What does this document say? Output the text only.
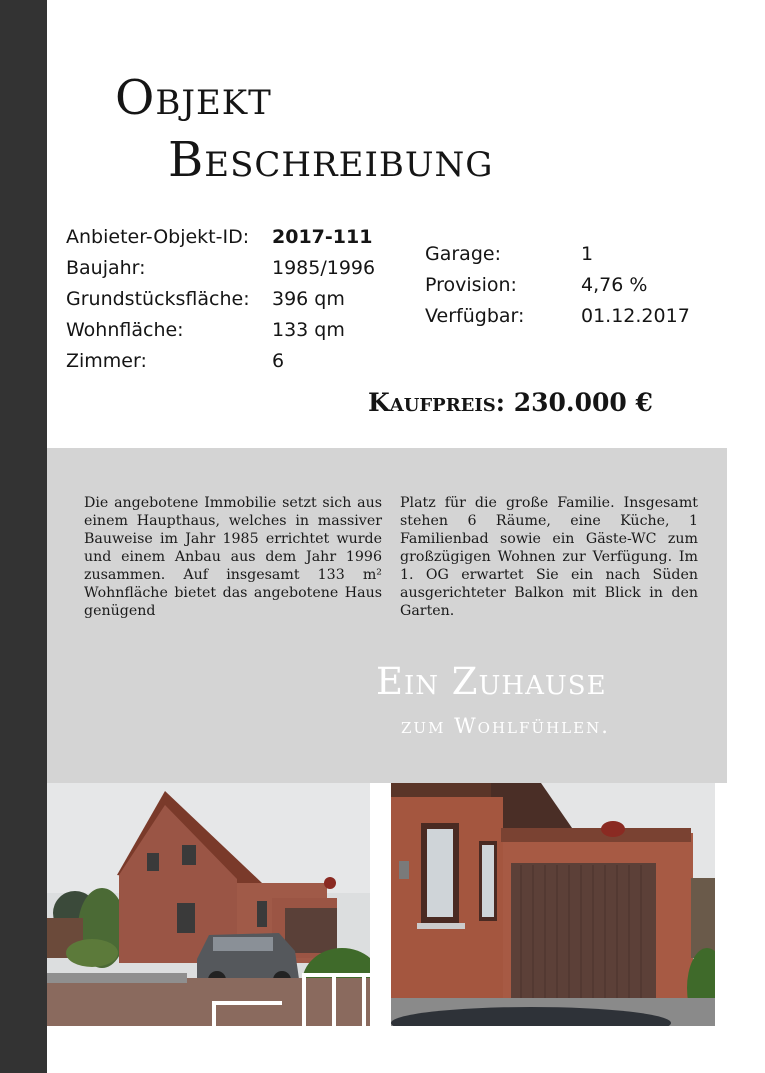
Objekt
Beschreibung
Anbieter-Objekt-ID: 2017-111
Baujahr:	1985/1996
Grundstücksfläche: 396 qm
Wohnfläche:	133 qm
Zimmer:	6
Garage:	1
Provision:	4,76 %
Verfügbar:	01.12.2017
Kaufpreis: 230.000 €

Die angebotene Immobilie setzt sich aus einem Haupthaus, welches in massiver Bauweise im Jahr 1985 errichtet wurde und einem Anbau aus dem Jahr 1996 zusammen. Auf insgesamt 133 m² Wohnfläche bietet das angebotene Haus genügend

Platz für die große Familie. Insgesamt stehen 6 Räume, eine Küche, 1 Familienbad sowie ein Gäste-WC zum großzügigen Wohnen zur Verfügung. Im 1. OG erwartet Sie ein nach Süden ausgerichteter Balkon mit Blick in den Garten.

Ein Zuhause
zum Wohlfühlen.
